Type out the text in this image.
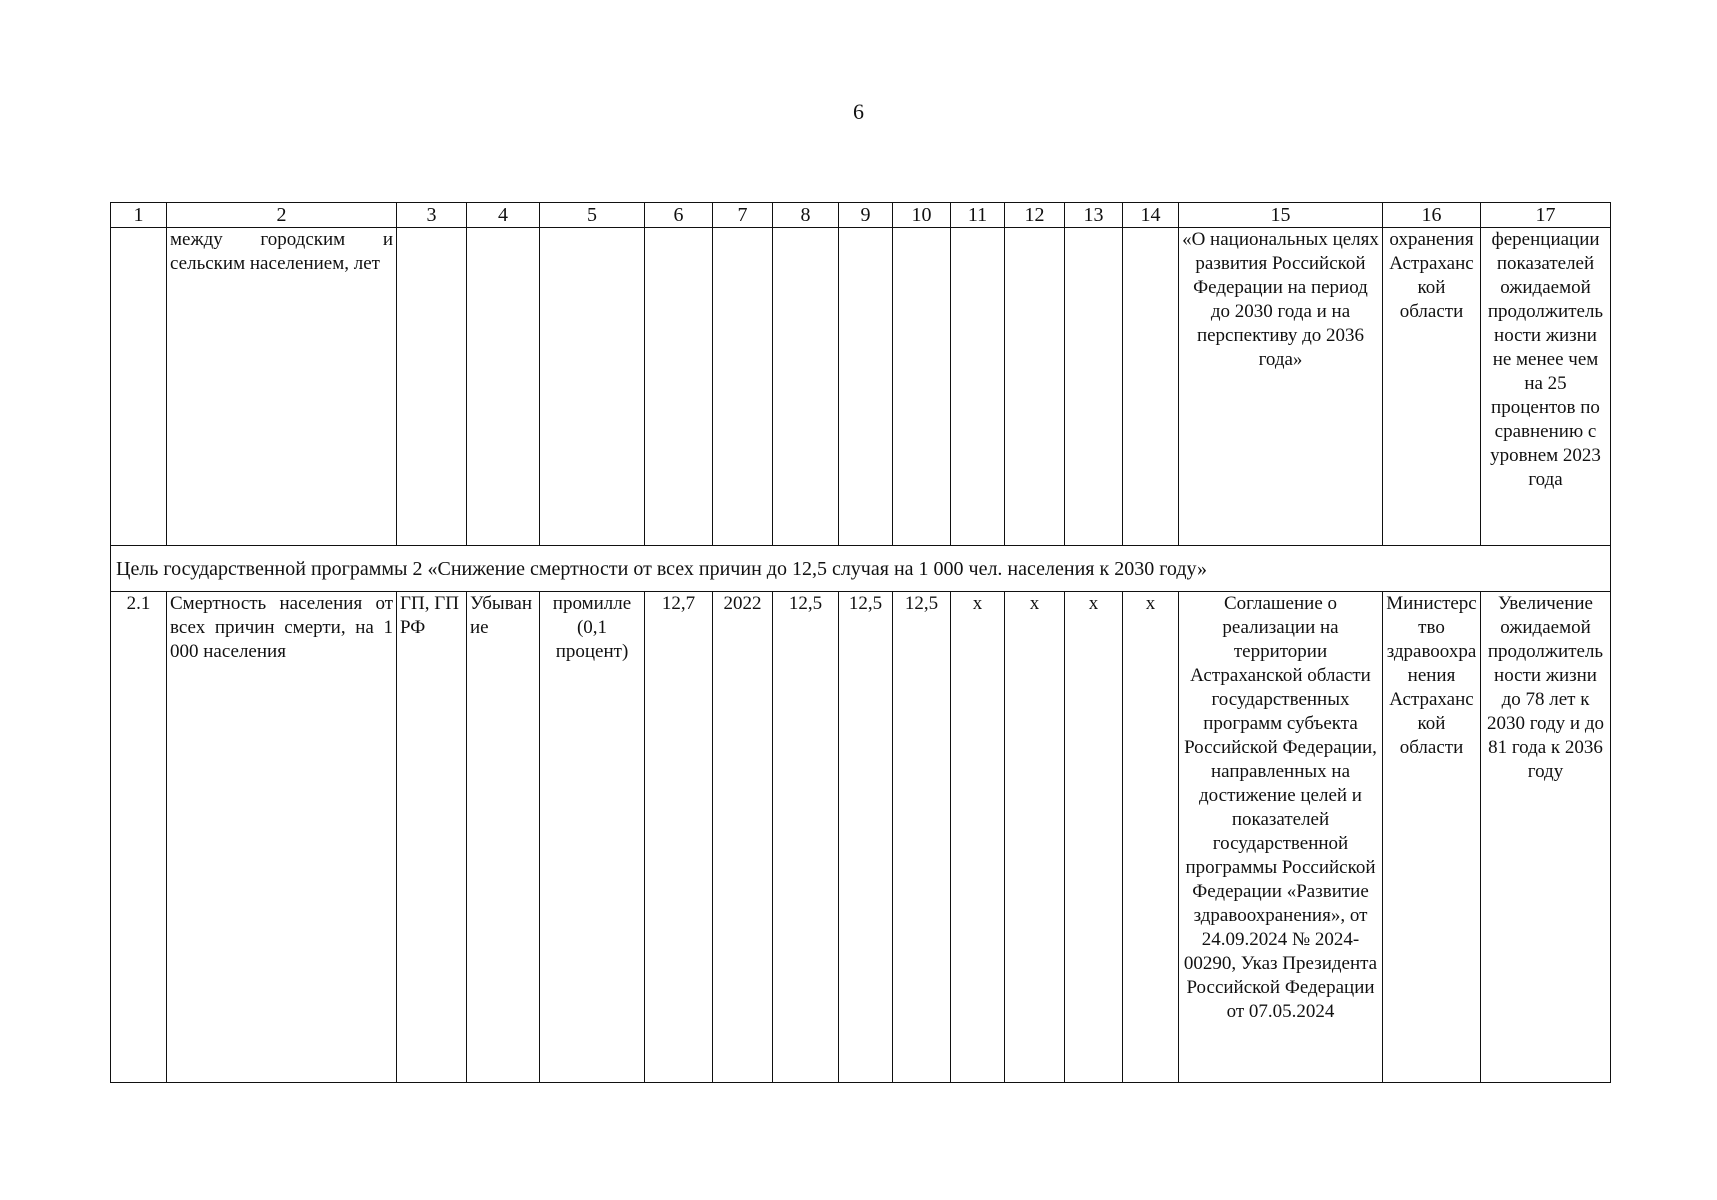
6
1	2	3	4	5	6	7	8	9	10	11	12	13	14	15	16	17
	между городским и сельским населением, лет													«О национальных целях развития Российской Федерации на период до 2030 года и на перспективу до 2036 года»	охранения Астраханской области	ференциации показателей ожидаемой продолжительности жизни не менее чем на 25 процентов по сравнению с уровнем 2023 года
Цель государственной программы 2 «Снижение смертности от всех причин до 12,5 случая на 1 000 чел. населения к 2030 году»																
2.1	Смертность населения от всех причин смерти, на 1 000 населения	ГП, ГП РФ	Убывание	промилле (0,1 процент)	12,7	2022	12,5	12,5	12,5	х	х	х	х	Соглашение о реализации на территории Астраханской области государственных программ субъекта Российской Федерации, направленных на достижение целей и показателей государственной программы Российской Федерации «Развитие здравоохранения», от 24.09.2024 № 2024-00290, Указ Президента Российской Федерации от 07.05.2024	Министерство здравоохранения Астраханской области	Увеличение ожидаемой продолжительности жизни до 78 лет к 2030 году и до 81 года к 2036 году
